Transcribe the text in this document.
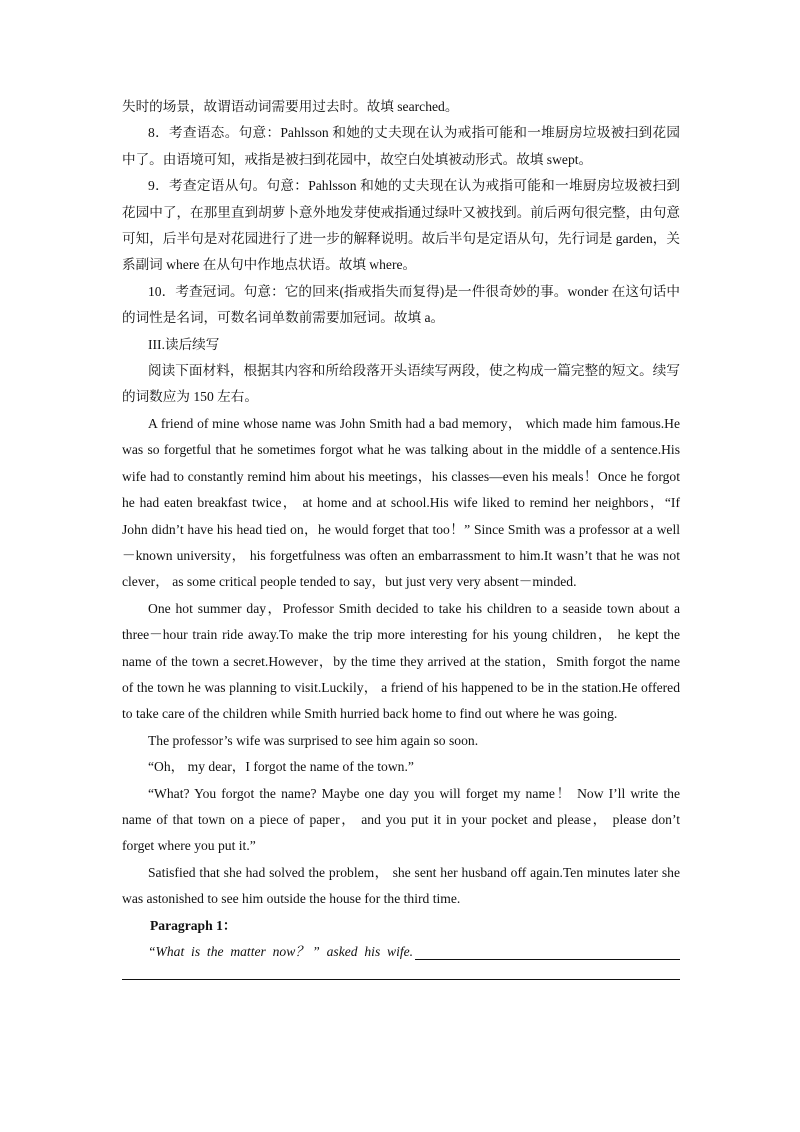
失时的场景，故谓语动词需要用过去时。故填 searched。

8．考查语态。句意：Pahlsson 和她的丈夫现在认为戒指可能和一堆厨房垃圾被扫到花园中了。由语境可知，戒指是被扫到花园中，故空白处填被动形式。故填 swept。

9．考查定语从句。句意：Pahlsson 和她的丈夫现在认为戒指可能和一堆厨房垃圾被扫到花园中了，在那里直到胡萝卜意外地发芽使戒指通过绿叶又被找到。前后两句很完整，由句意可知，后半句是对花园进行了进一步的解释说明。故后半句是定语从句，先行词是 garden，关系副词 where 在从句中作地点状语。故填 where。

10．考查冠词。句意：它的回来(指戒指失而复得)是一件很奇妙的事。wonder 在这句话中的词性是名词，可数名词单数前需要加冠词。故填 a。

III.读后续写

阅读下面材料，根据其内容和所给段落开头语续写两段，使之构成一篇完整的短文。续写的词数应为 150 左右。

A friend of mine whose name was John Smith had a bad memory， which made him famous.He was so forgetful that he sometimes forgot what he was talking about in the middle of a sentence.His wife had to constantly remind him about his meetings，his classes—even his meals！Once he forgot he had eaten breakfast twice， at home and at school.His wife liked to remind her neighbors，“If John didn’t have his head tied on，he would forget that too！” Since Smith was a professor at a well－known university， his forgetfulness was often an embarrassment to him.It wasn’t that he was not clever， as some critical people tended to say，but just very very absent－minded.

One hot summer day，Professor Smith decided to take his children to a seaside town about a three－hour train ride away.To make the trip more interesting for his young children， he kept the name of the town a secret.However，by the time they arrived at the station，Smith forgot the name of the town he was planning to visit.Luckily， a friend of his happened to be in the station.He offered to take care of the children while Smith hurried back home to find out where he was going.

The professor’s wife was surprised to see him again so soon.

“Oh， my dear，I forgot the name of the town.”

“What? You forgot the name? Maybe one day you will forget my name！ Now I’ll write the name of that town on a piece of paper， and you put it in your pocket and please， please don’t forget where you put it.”

Satisfied that she had solved the problem， she sent her husband off again.Ten minutes later she was astonished to see him outside the house for the third time.

Paragraph 1：

“What  is  the  matter  now？ ”  asked  his  wife.
